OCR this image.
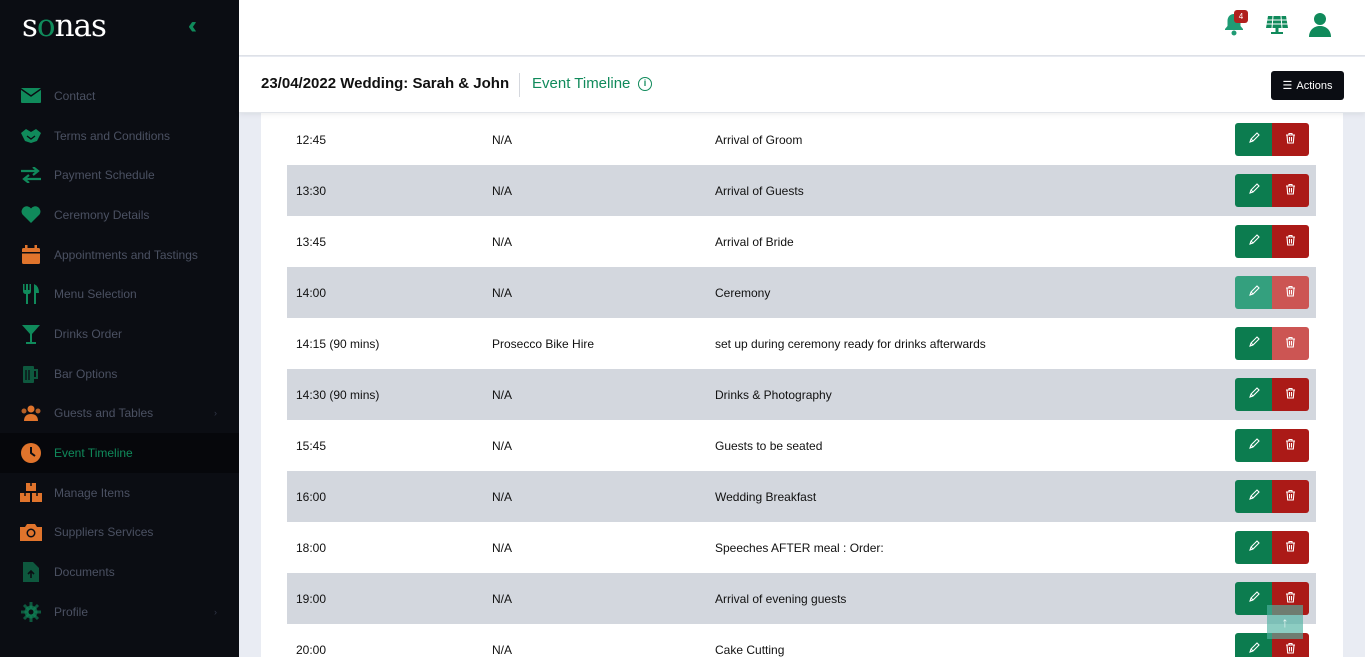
sonas	‹‹
Contact
Terms and Conditions
Payment Schedule
Ceremony Details
Appointments and Tastings
Menu Selection
Drinks Order
Bar Options
Guests and Tables	›
Event Timeline
Manage Items
Suppliers Services
Documents
Profile	›
4
23/04/2022 Wedding: Sarah & John Event Timeline	i	☰ Actions
12:45	N/A	Arrival of Groom
13:30	N/A	Arrival of Guests
13:45	N/A	Arrival of Bride
14:00	N/A	Ceremony
14:15 (90 mins)	Prosecco Bike Hire	set up during ceremony ready for drinks afterwards
14:30 (90 mins)	N/A	Drinks & Photography
15:45	N/A	Guests to be seated
16:00	N/A	Wedding Breakfast
18:00	N/A	Speeches AFTER meal : Order:
19:00	N/A	Arrival of evening guests
20:00	N/A	Cake Cutting
↑
